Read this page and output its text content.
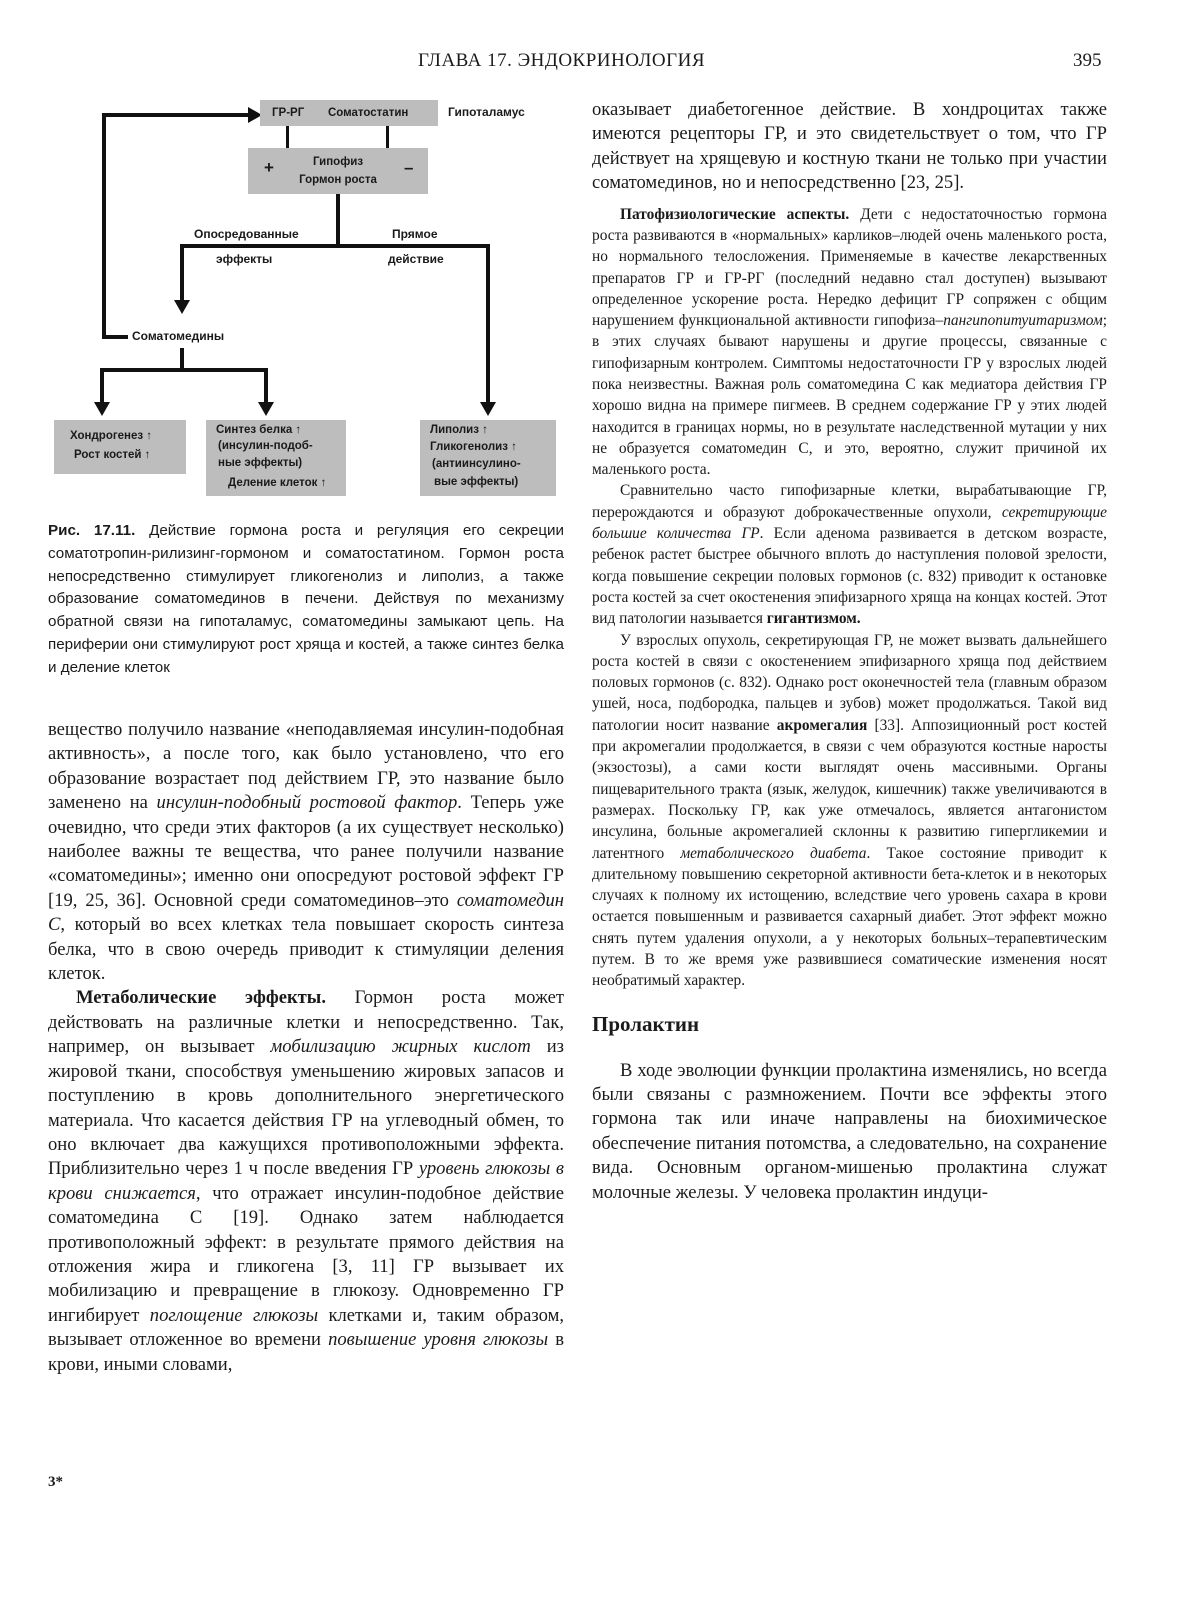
ГЛАВА 17. ЭНДОКРИНОЛОГИЯ	395
ГР-РГ Соматостатин	Гипоталамус
+	Гипофиз
Гормон роста
–
Опосредованные
эффекты
Прямое
действие
Соматомедины
Хондрогенез ↑
Рост костей ↑
Синтез белка ↑
(инсулин-подоб-
ные эффекты)
Деление клеток ↑
Липолиз ↑
Гликогенолиз ↑
(антиинсулино-
вые эффекты)
Рис. 17.11. Действие гормона роста и регуляция его секреции соматотропин-рилизинг-гормоном и соматостатином. Гормон роста непосредственно стимулирует гликогенолиз и липолиз, а также образование соматомединов в печени. Действуя по механизму обратной связи на гипоталамус, соматомедины замыкают цепь. На периферии они стимулируют рост хряща и костей, а также синтез белка и деление клеток

вещество получило название «неподавляемая инсулин-подобная активность», а после того, как было установлено, что его образование возрастает под действием ГР, это название было заменено на инсулин-подобный ростовой фактор. Теперь уже очевидно, что среди этих факторов (а их существует несколько) наиболее важны те вещества, что ранее получили название «соматомедины»; именно они опосредуют ростовой эффект ГР [19, 25, 36]. Основной среди соматомединов–это соматомедин С, который во всех клетках тела повышает скорость синтеза белка, что в свою очередь приводит к стимуляции деления клеток.

Метаболические эффекты. Гормон роста может действовать на различные клетки и непосредственно. Так, например, он вызывает мобилизацию жирных кислот из жировой ткани, способствуя уменьшению жировых запасов и поступлению в кровь дополнительного энергетического материала. Что касается действия ГР на углеводный обмен, то оно включает два кажущихся противоположными эффекта. Приблизительно через 1 ч после введения ГР уровень глюкозы в крови снижается, что отражает инсулин-подобное действие соматомедина С [19]. Однако затем наблюдается противоположный эффект: в результате прямого действия на отложения жира и гликогена [3, 11] ГР вызывает их мобилизацию и превращение в глюкозу. Одновременно ГР ингибирует поглощение глюкозы клетками и, таким образом, вызывает отложенное во времени повышение уровня глюкозы в крови, иными словами,

оказывает диабетогенное действие. В хондроцитах также имеются рецепторы ГР, и это свидетельствует о том, что ГР действует на хрящевую и костную ткани не только при участии соматомединов, но и непосредственно [23, 25].

Патофизиологические аспекты. Дети с недостаточностью гормона роста развиваются в «нормальных» карликов–людей очень маленького роста, но нормального телосложения. Применяемые в качестве лекарственных препаратов ГР и ГР-РГ (последний недавно стал доступен) вызывают определенное ускорение роста. Нередко дефицит ГР сопряжен с общим нарушением функциональной активности гипофиза–пангипопитуитаризмом; в этих случаях бывают нарушены и другие процессы, связанные с гипофизарным контролем. Симптомы недостаточности ГР у взрослых людей пока неизвестны. Важная роль соматомедина С как медиатора действия ГР хорошо видна на примере пигмеев. В среднем содержание ГР у этих людей находится в границах нормы, но в результате наследственной мутации у них не образуется соматомедин С, и это, вероятно, служит причиной их маленького роста.

Сравнительно часто гипофизарные клетки, вырабатывающие ГР, перерождаются и образуют доброкачественные опухоли, секретирующие большие количества ГР. Если аденома развивается в детском возрасте, ребенок растет быстрее обычного вплоть до наступления половой зрелости, когда повышение секреции половых гормонов (с. 832) приводит к остановке роста костей за счет окостенения эпифизарного хряща на концах костей. Этот вид патологии называется гигантизмом.

У взрослых опухоль, секретирующая ГР, не может вызвать дальнейшего роста костей в связи с окостенением эпифизарного хряща под действием половых гормонов (с. 832). Однако рост оконечностей тела (главным образом ушей, носа, подбородка, пальцев и зубов) может продолжаться. Такой вид патологии носит название акромегалия [33]. Аппозиционный рост костей при акромегалии продолжается, в связи с чем образуются костные наросты (экзостозы), а сами кости выглядят очень массивными. Органы пищеварительного тракта (язык, желудок, кишечник) также увеличиваются в размерах. Поскольку ГР, как уже отмечалось, является антагонистом инсулина, больные акромегалией склонны к развитию гипергликемии и латентного метаболического диабета. Такое состояние приводит к длительному повышению секреторной активности бета-клеток и в некоторых случаях к полному их истощению, вследствие чего уровень сахара в крови остается повышенным и развивается сахарный диабет. Этот эффект можно снять путем удаления опухоли, а у некоторых больных–терапевтическим путем. В то же время уже развившиеся соматические изменения носят необратимый характер.

Пролактин

В ходе эволюции функции пролактина изменялись, но всегда были связаны с размножением. Почти все эффекты этого гормона так или иначе направлены на биохимическое обеспечение питания потомства, а следовательно, на сохранение вида. Основным органом-мишенью пролактина служат молочные железы. У человека пролактин индуци-

3*
